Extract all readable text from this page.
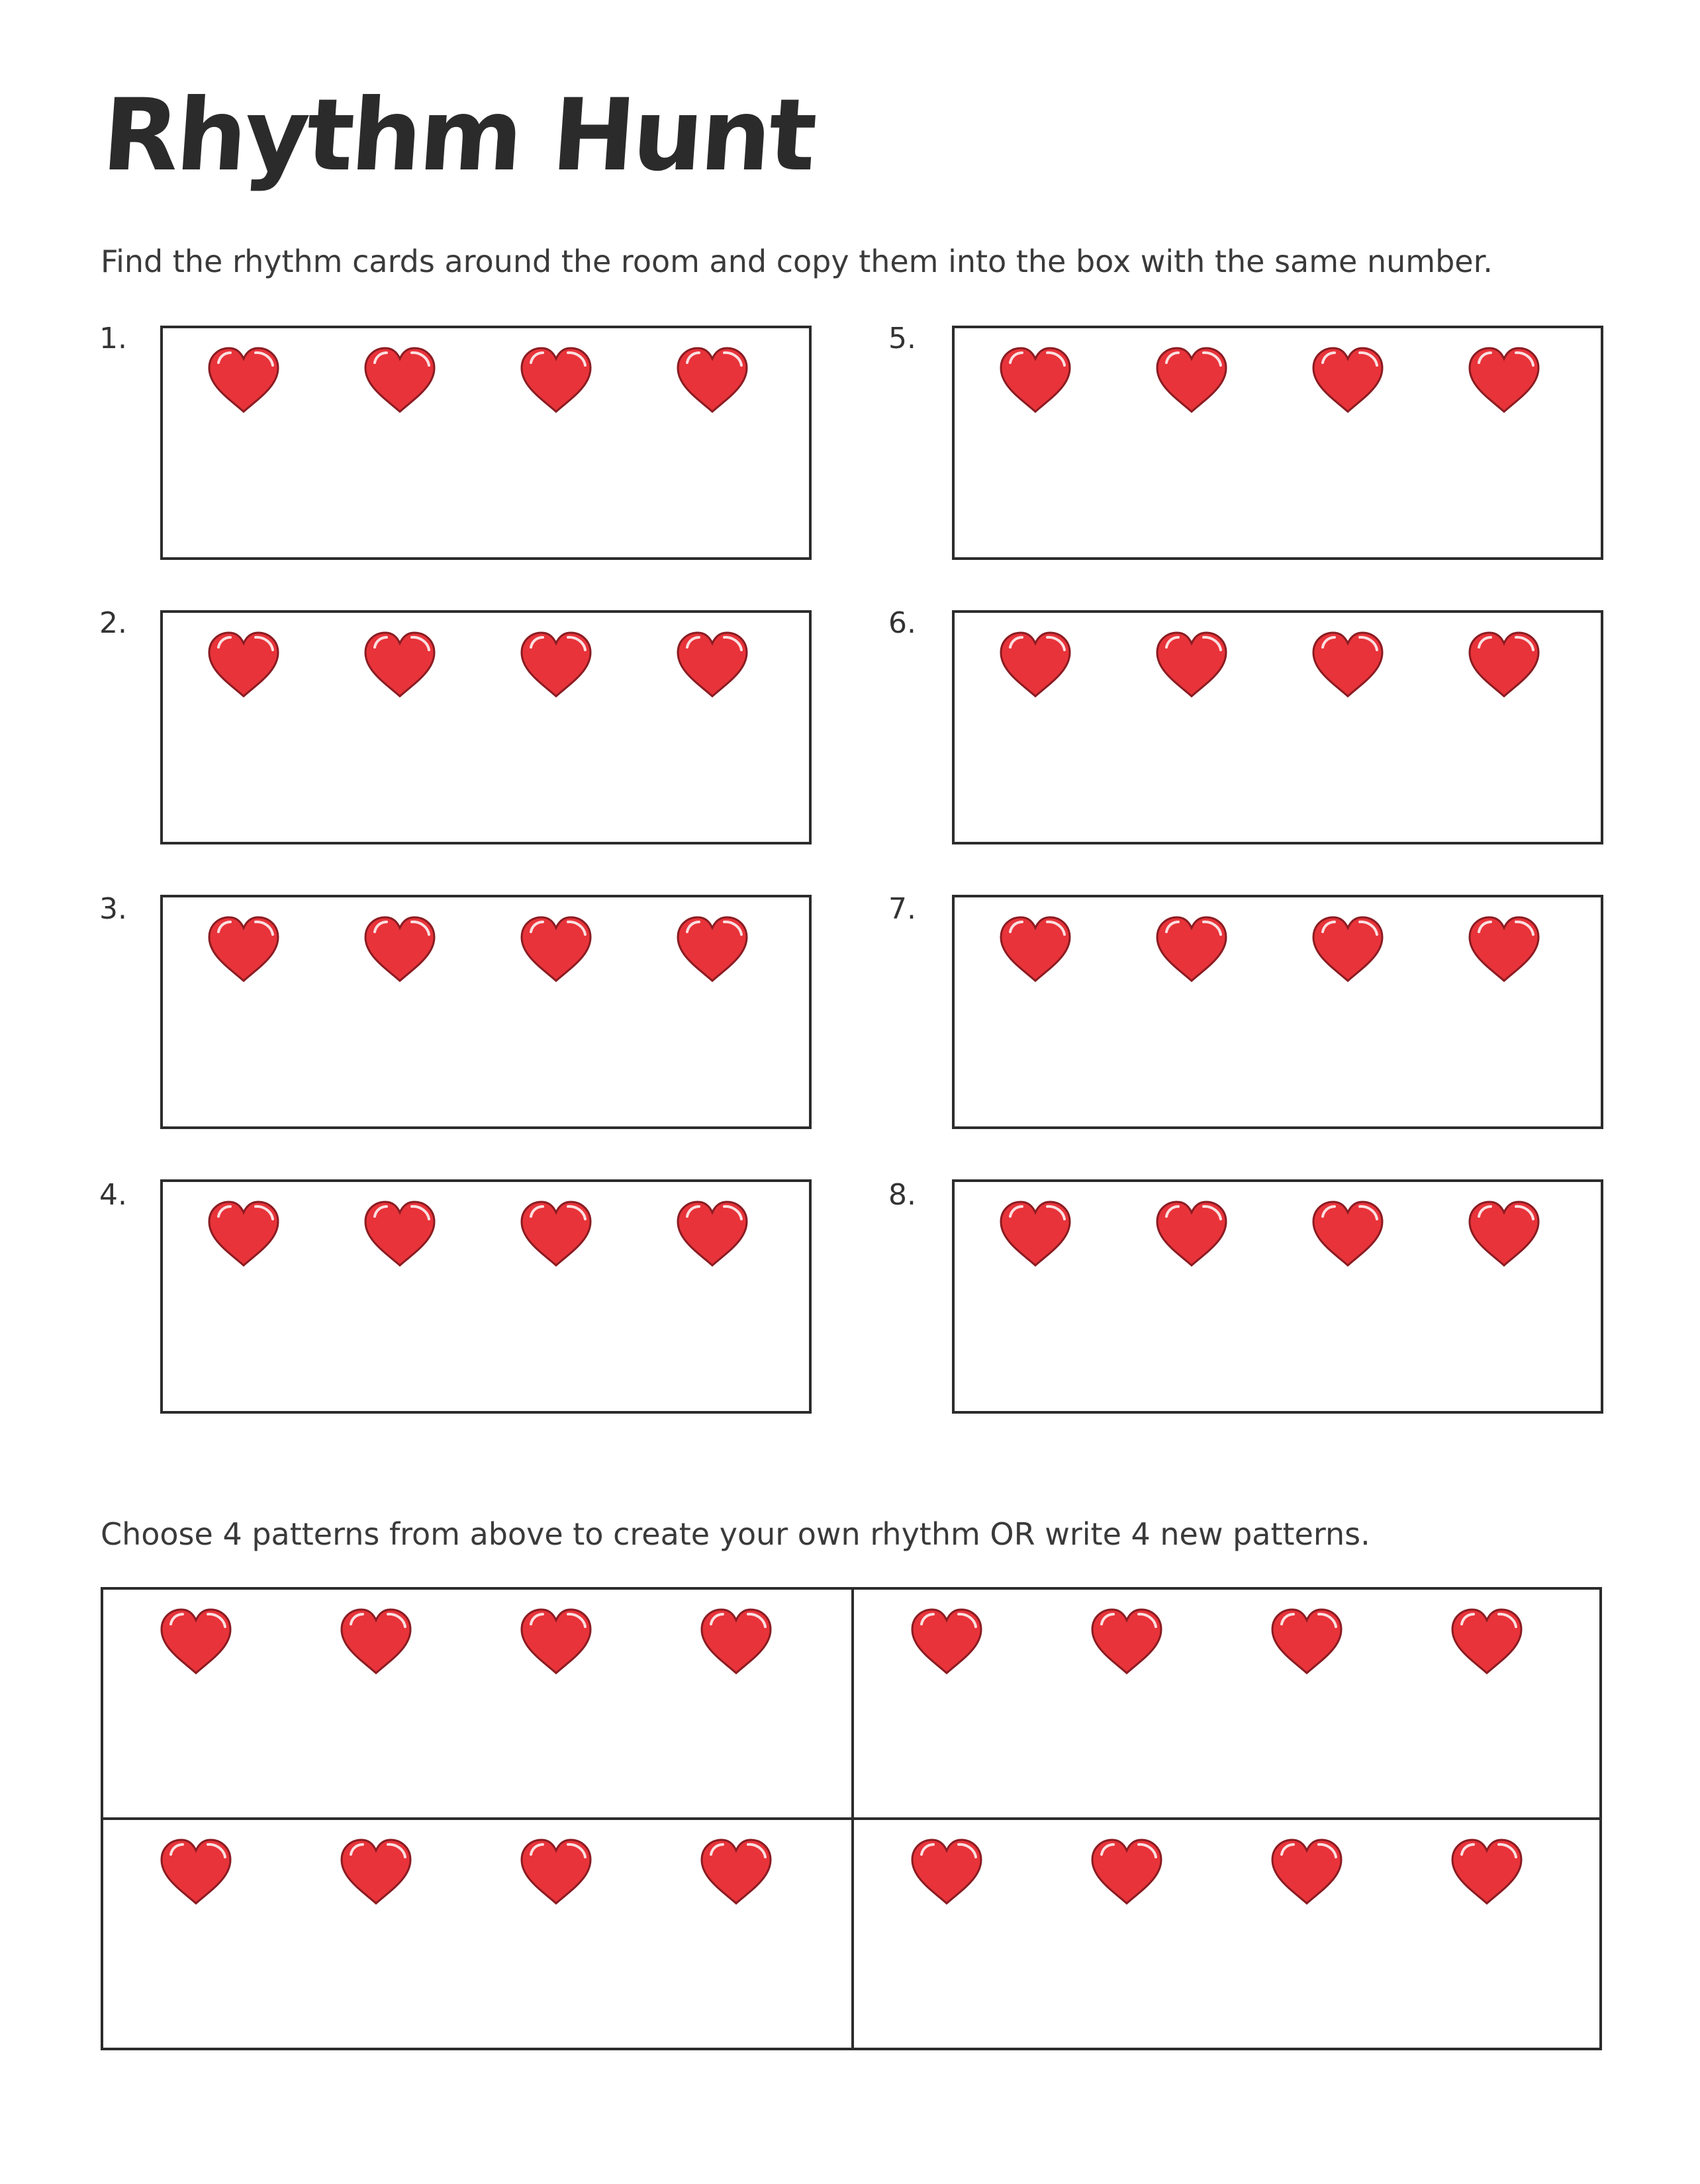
Rhythm Hunt
Find the rhythm cards around the room and copy them into the box with the same number.
1.
2.
3.
4.
5.
6.
7.
8.
Choose 4 patterns from above to create your own rhythm OR write 4 new patterns.
